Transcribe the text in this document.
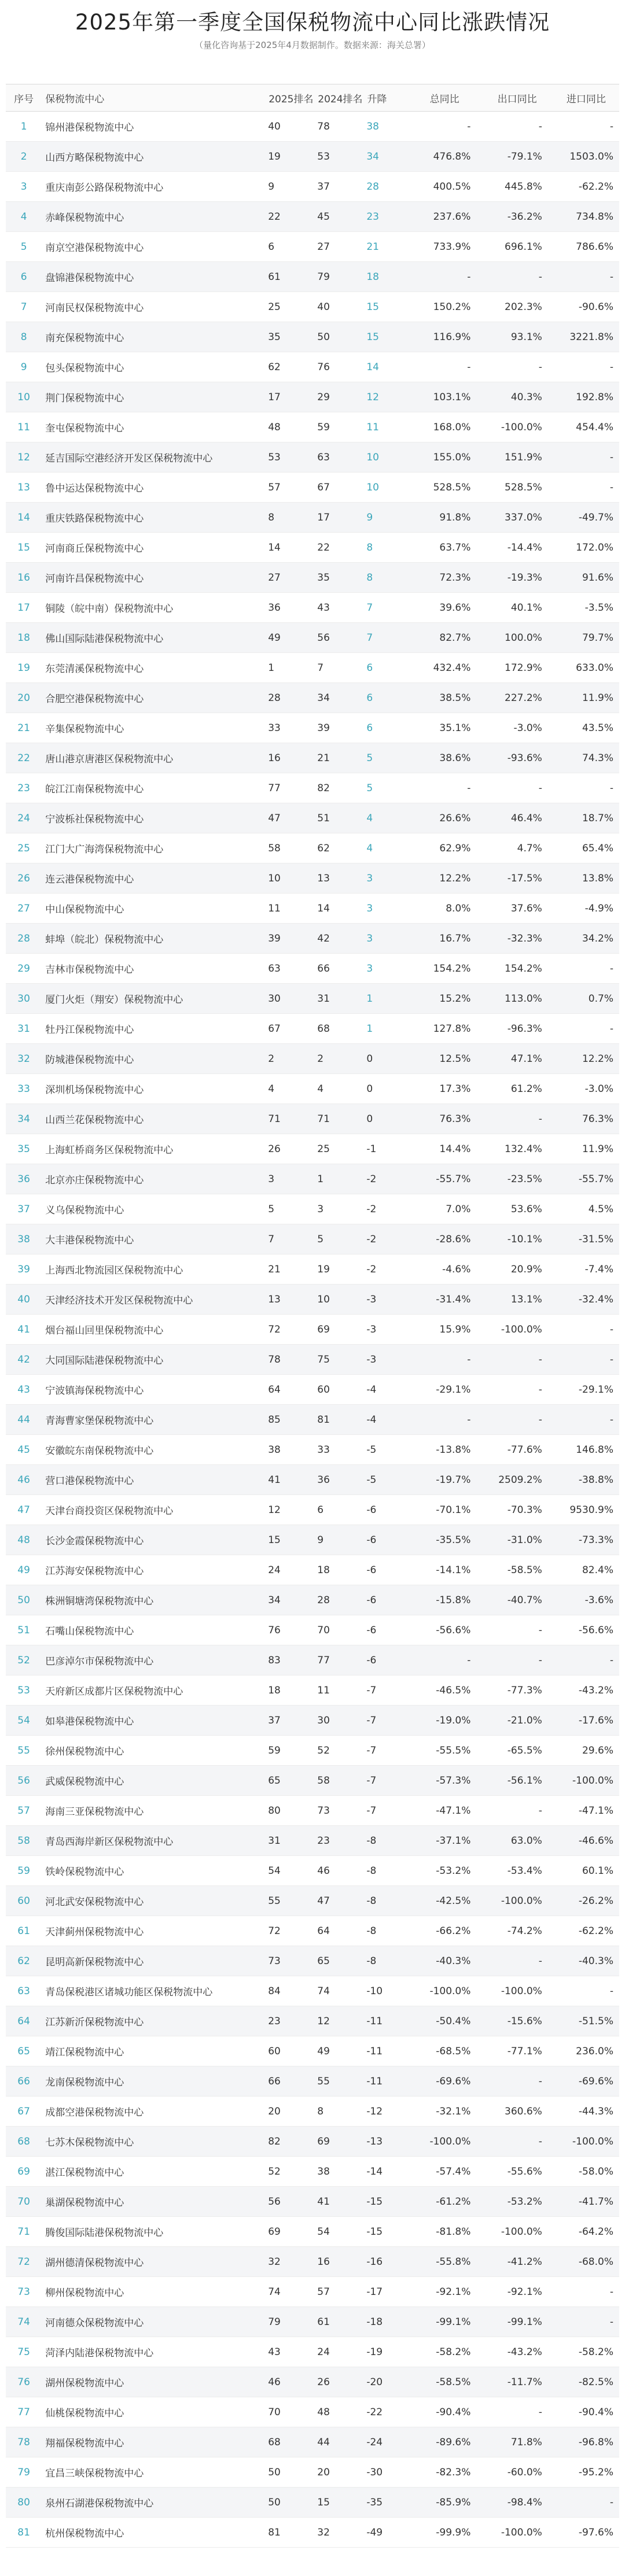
2025年第一季度全国保税物流中心同比涨跌情况

（量化咨询基于2025年4月数据制作。数据来源：海关总署）

序号	保税物流中心	2025排名	2024排名	升降	总同比	出口同比	进口同比
1	锦州港保税物流中心	40	78	38	-	-	-
2	山西方略保税物流中心	19	53	34	476.8%	-79.1%	1503.0%
3	重庆南彭公路保税物流中心	9	37	28	400.5%	445.8%	-62.2%
4	赤峰保税物流中心	22	45	23	237.6%	-36.2%	734.8%
5	南京空港保税物流中心	6	27	21	733.9%	696.1%	786.6%
6	盘锦港保税物流中心	61	79	18	-	-	-
7	河南民权保税物流中心	25	40	15	150.2%	202.3%	-90.6%
8	南充保税物流中心	35	50	15	116.9%	93.1%	3221.8%
9	包头保税物流中心	62	76	14	-	-	-
10	荆门保税物流中心	17	29	12	103.1%	40.3%	192.8%
11	奎屯保税物流中心	48	59	11	168.0%	-100.0%	454.4%
12	延吉国际空港经济开发区保税物流中心	53	63	10	155.0%	151.9%	-
13	鲁中运达保税物流中心	57	67	10	528.5%	528.5%	-
14	重庆铁路保税物流中心	8	17	9	91.8%	337.0%	-49.7%
15	河南商丘保税物流中心	14	22	8	63.7%	-14.4%	172.0%
16	河南许昌保税物流中心	27	35	8	72.3%	-19.3%	91.6%
17	铜陵（皖中南）保税物流中心	36	43	7	39.6%	40.1%	-3.5%
18	佛山国际陆港保税物流中心	49	56	7	82.7%	100.0%	79.7%
19	东莞清溪保税物流中心	1	7	6	432.4%	172.9%	633.0%
20	合肥空港保税物流中心	28	34	6	38.5%	227.2%	11.9%
21	辛集保税物流中心	33	39	6	35.1%	-3.0%	43.5%
22	唐山港京唐港区保税物流中心	16	21	5	38.6%	-93.6%	74.3%
23	皖江江南保税物流中心	77	82	5	-	-	-
24	宁波栎社保税物流中心	47	51	4	26.6%	46.4%	18.7%
25	江门大广海湾保税物流中心	58	62	4	62.9%	4.7%	65.4%
26	连云港保税物流中心	10	13	3	12.2%	-17.5%	13.8%
27	中山保税物流中心	11	14	3	8.0%	37.6%	-4.9%
28	蚌埠（皖北）保税物流中心	39	42	3	16.7%	-32.3%	34.2%
29	吉林市保税物流中心	63	66	3	154.2%	154.2%	-
30	厦门火炬（翔安）保税物流中心	30	31	1	15.2%	113.0%	0.7%
31	牡丹江保税物流中心	67	68	1	127.8%	-96.3%	-
32	防城港保税物流中心	2	2	0	12.5%	47.1%	12.2%
33	深圳机场保税物流中心	4	4	0	17.3%	61.2%	-3.0%
34	山西兰花保税物流中心	71	71	0	76.3%	-	76.3%
35	上海虹桥商务区保税物流中心	26	25	-1	14.4%	132.4%	11.9%
36	北京亦庄保税物流中心	3	1	-2	-55.7%	-23.5%	-55.7%
37	义乌保税物流中心	5	3	-2	7.0%	53.6%	4.5%
38	大丰港保税物流中心	7	5	-2	-28.6%	-10.1%	-31.5%
39	上海西北物流园区保税物流中心	21	19	-2	-4.6%	20.9%	-7.4%
40	天津经济技术开发区保税物流中心	13	10	-3	-31.4%	13.1%	-32.4%
41	烟台福山回里保税物流中心	72	69	-3	15.9%	-100.0%	-
42	大同国际陆港保税物流中心	78	75	-3	-	-	-
43	宁波镇海保税物流中心	64	60	-4	-29.1%	-	-29.1%
44	青海曹家堡保税物流中心	85	81	-4	-	-	-
45	安徽皖东南保税物流中心	38	33	-5	-13.8%	-77.6%	146.8%
46	营口港保税物流中心	41	36	-5	-19.7%	2509.2%	-38.8%
47	天津台商投资区保税物流中心	12	6	-6	-70.1%	-70.3%	9530.9%
48	长沙金霞保税物流中心	15	9	-6	-35.5%	-31.0%	-73.3%
49	江苏海安保税物流中心	24	18	-6	-14.1%	-58.5%	82.4%
50	株洲铜塘湾保税物流中心	34	28	-6	-15.8%	-40.7%	-3.6%
51	石嘴山保税物流中心	76	70	-6	-56.6%	-	-56.6%
52	巴彦淖尔市保税物流中心	83	77	-6	-	-	-
53	天府新区成都片区保税物流中心	18	11	-7	-46.5%	-77.3%	-43.2%
54	如皋港保税物流中心	37	30	-7	-19.0%	-21.0%	-17.6%
55	徐州保税物流中心	59	52	-7	-55.5%	-65.5%	29.6%
56	武威保税物流中心	65	58	-7	-57.3%	-56.1%	-100.0%
57	海南三亚保税物流中心	80	73	-7	-47.1%	-	-47.1%
58	青岛西海岸新区保税物流中心	31	23	-8	-37.1%	63.0%	-46.6%
59	铁岭保税物流中心	54	46	-8	-53.2%	-53.4%	60.1%
60	河北武安保税物流中心	55	47	-8	-42.5%	-100.0%	-26.2%
61	天津蓟州保税物流中心	72	64	-8	-66.2%	-74.2%	-62.2%
62	昆明高新保税物流中心	73	65	-8	-40.3%	-	-40.3%
63	青岛保税港区诸城功能区保税物流中心	84	74	-10	-100.0%	-100.0%	-
64	江苏新沂保税物流中心	23	12	-11	-50.4%	-15.6%	-51.5%
65	靖江保税物流中心	60	49	-11	-68.5%	-77.1%	236.0%
66	龙南保税物流中心	66	55	-11	-69.6%	-	-69.6%
67	成都空港保税物流中心	20	8	-12	-32.1%	360.6%	-44.3%
68	七苏木保税物流中心	82	69	-13	-100.0%	-	-100.0%
69	湛江保税物流中心	52	38	-14	-57.4%	-55.6%	-58.0%
70	巢湖保税物流中心	56	41	-15	-61.2%	-53.2%	-41.7%
71	腾俊国际陆港保税物流中心	69	54	-15	-81.8%	-100.0%	-64.2%
72	湖州德清保税物流中心	32	16	-16	-55.8%	-41.2%	-68.0%
73	柳州保税物流中心	74	57	-17	-92.1%	-92.1%	-
74	河南德众保税物流中心	79	61	-18	-99.1%	-99.1%	-
75	菏泽内陆港保税物流中心	43	24	-19	-58.2%	-43.2%	-58.2%
76	湖州保税物流中心	46	26	-20	-58.5%	-11.7%	-82.5%
77	仙桃保税物流中心	70	48	-22	-90.4%	-	-90.4%
78	翔福保税物流中心	68	44	-24	-89.6%	71.8%	-96.8%
79	宜昌三峡保税物流中心	50	20	-30	-82.3%	-60.0%	-95.2%
80	泉州石湖港保税物流中心	50	15	-35	-85.9%	-98.4%	-
81	杭州保税物流中心	81	32	-49	-99.9%	-100.0%	-97.6%
